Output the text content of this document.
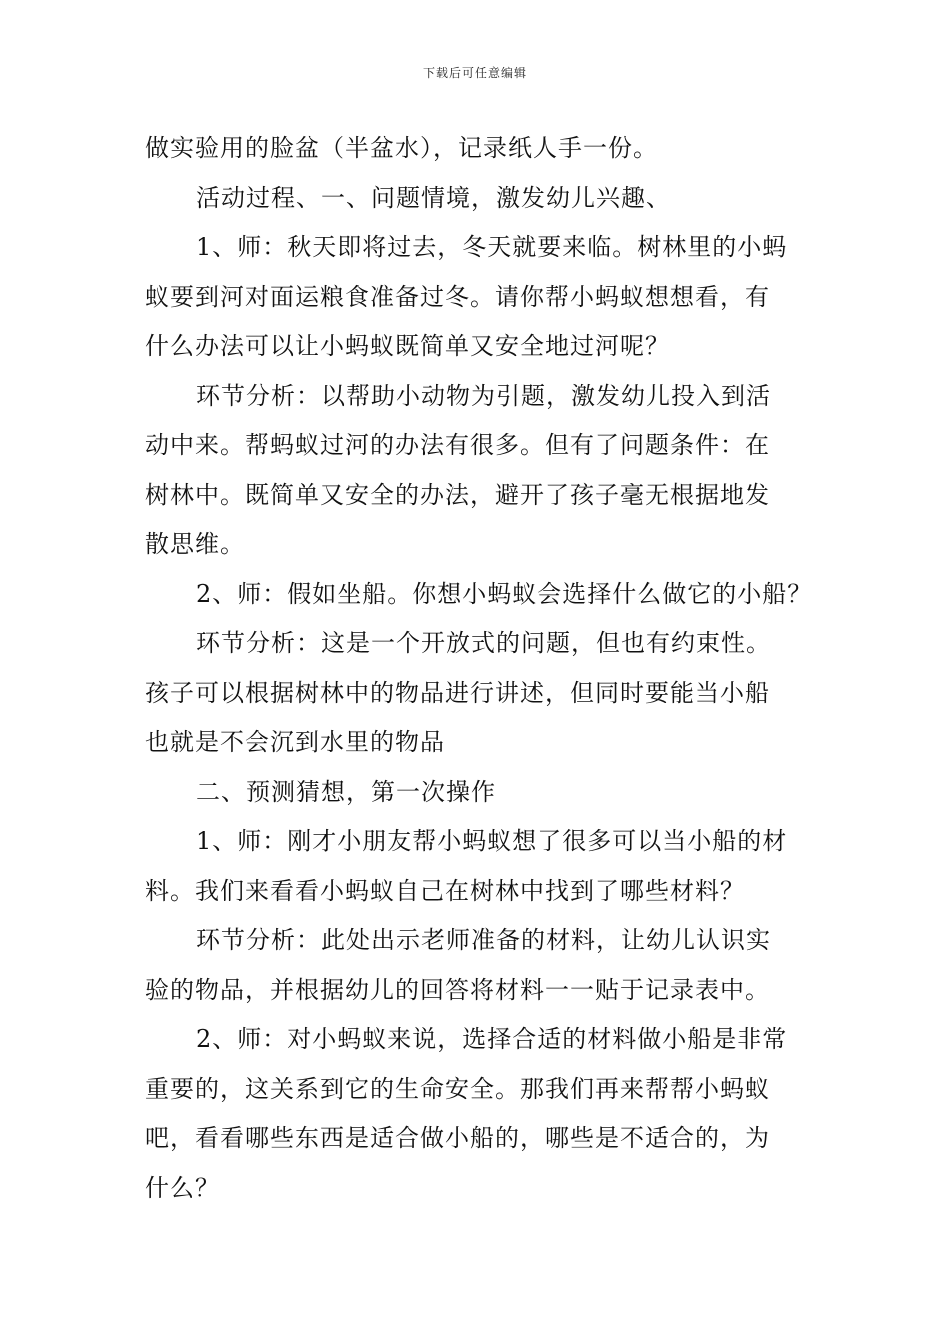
下载后可任意编辑
做实验用的脸盆（半盆水），记录纸人手一份。
活动过程、一、问题情境，激发幼儿兴趣、
1、师：秋天即将过去，冬天就要来临。树林里的小蚂
蚁要到河对面运粮食准备过冬。请你帮小蚂蚁想想看，有
什么办法可以让小蚂蚁既简单又安全地过河呢？
环节分析：以帮助小动物为引题，激发幼儿投入到活
动中来。帮蚂蚁过河的办法有很多。但有了问题条件：在
树林中。既简单又安全的办法，避开了孩子毫无根据地发
散思维。
2、师：假如坐船。你想小蚂蚁会选择什么做它的小船？
环节分析：这是一个开放式的问题，但也有约束性。
孩子可以根据树林中的物品进行讲述，但同时要能当小船
也就是不会沉到水里的物品
二、预测猜想，第一次操作
1、师：刚才小朋友帮小蚂蚁想了很多可以当小船的材
料。我们来看看小蚂蚁自己在树林中找到了哪些材料？
环节分析：此处出示老师准备的材料，让幼儿认识实
验的物品，并根据幼儿的回答将材料一一贴于记录表中。
2、师：对小蚂蚁来说，选择合适的材料做小船是非常
重要的，这关系到它的生命安全。那我们再来帮帮小蚂蚁
吧，看看哪些东西是适合做小船的，哪些是不适合的，为
什么？
